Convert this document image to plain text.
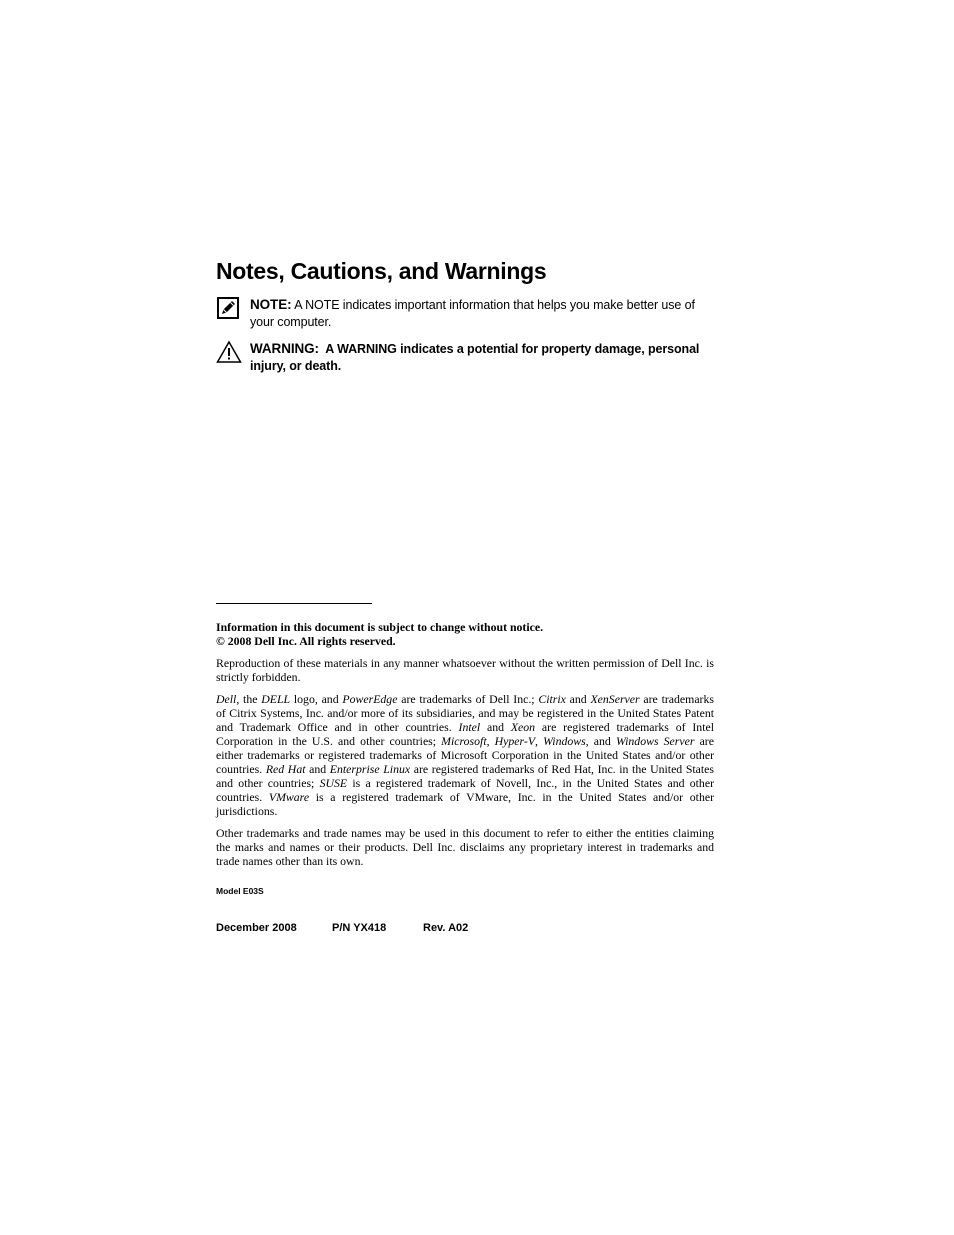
Notes, Cautions, and Warnings
NOTE: A NOTE indicates important information that helps you make better use of your computer.
WARNING: A WARNING indicates a potential for property damage, personal injury, or death.

Information in this document is subject to change without notice.
© 2008 Dell Inc. All rights reserved.

Reproduction of these materials in any manner whatsoever without the written permission of Dell Inc. is strictly forbidden.

Dell, the DELL logo, and PowerEdge are trademarks of Dell Inc.; Citrix and XenServer are trademarks of Citrix Systems, Inc. and/or more of its subsidiaries, and may be registered in the United States Patent and Trademark Office and in other countries. Intel and Xeon are registered trademarks of Intel Corporation in the U.S. and other countries; Microsoft, Hyper-V, Windows, and Windows Server are either trademarks or registered trademarks of Microsoft Corporation in the United States and/or other countries. Red Hat and Enterprise Linux are registered trademarks of Red Hat, Inc. in the United States and other countries; SUSE is a registered trademark of Novell, Inc., in the United States and other countries. VMware is a registered trademark of VMware, Inc. in the United States and/or other jurisdictions.

Other trademarks and trade names may be used in this document to refer to either the entities claiming the marks and names or their products. Dell Inc. disclaims any proprietary interest in trademarks and trade names other than its own.

Model E03S
December 2008	P/N YX418	Rev. A02
